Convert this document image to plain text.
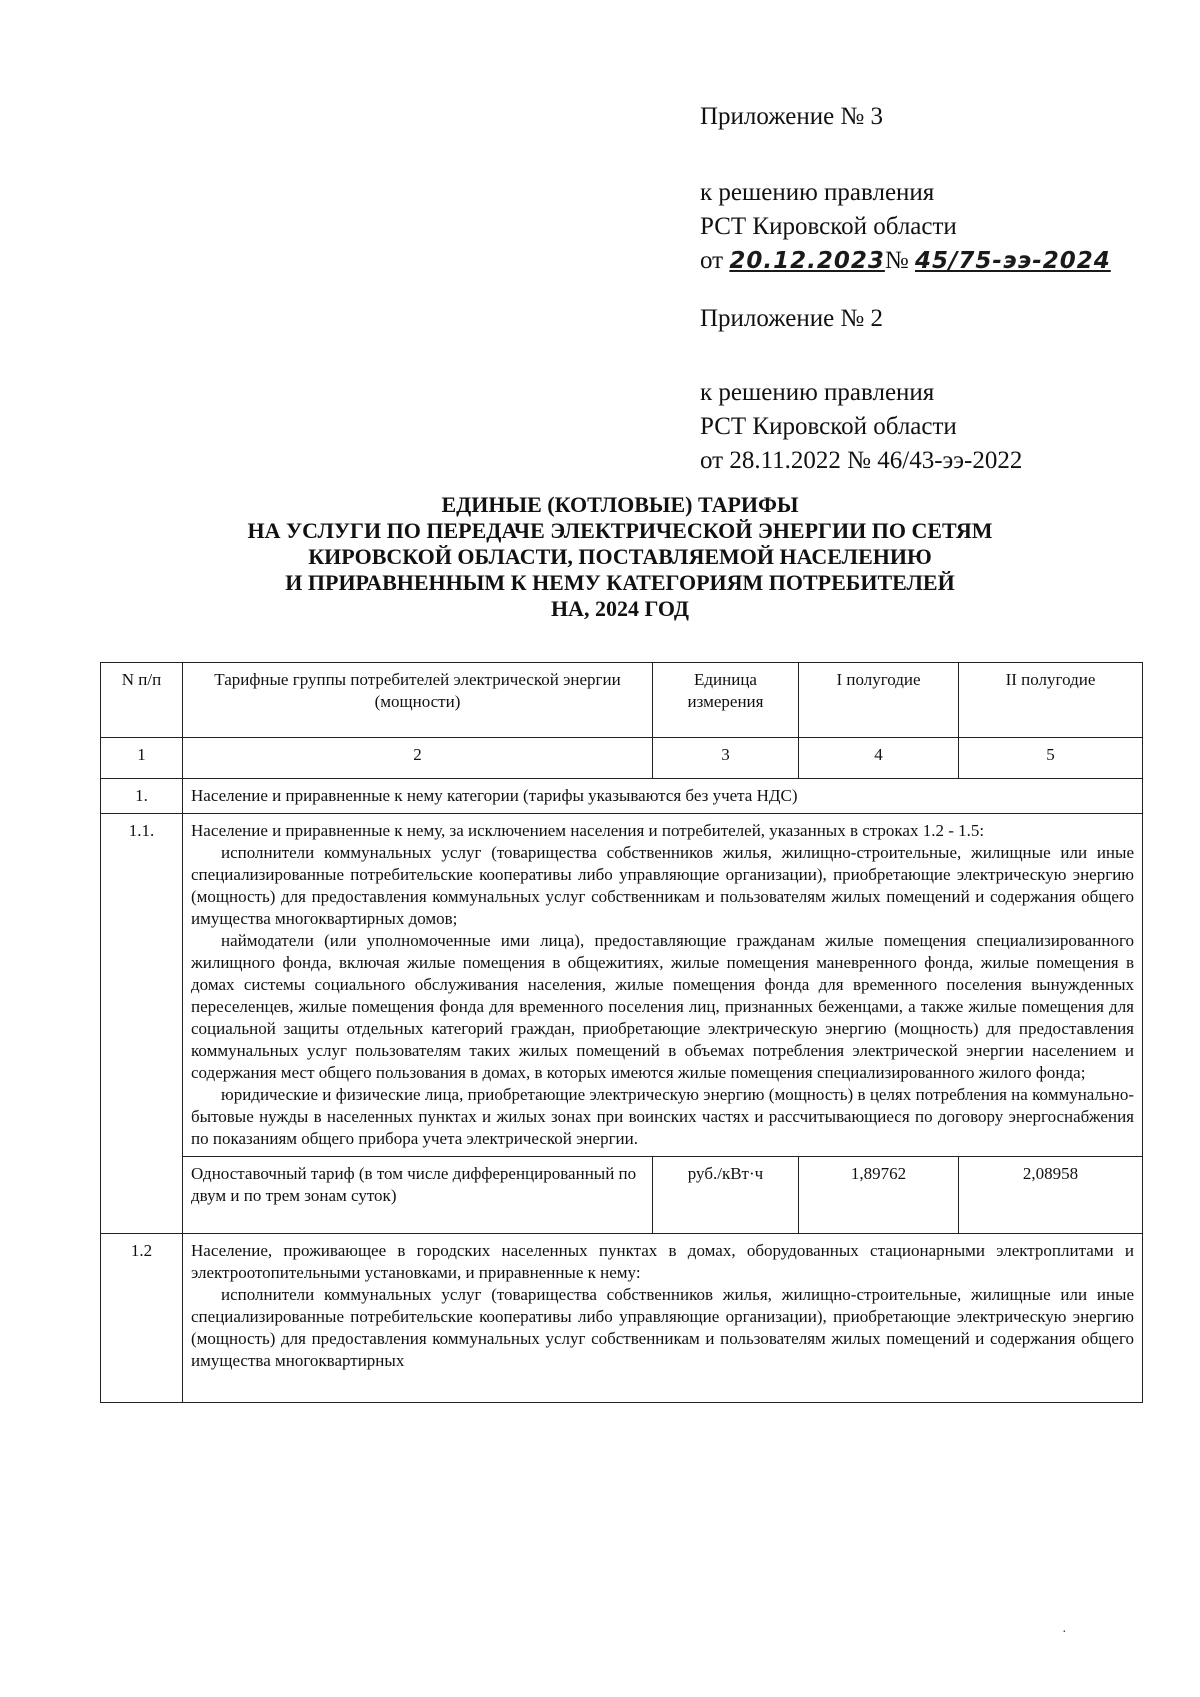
Приложение № 3
к решению правления
РСТ Кировской области
от
20.12.2023 №
45/75-ээ-2024
Приложение № 2
к решению правления
РСТ Кировской области
от 28.11.2022 № 46/43-ээ-2022
ЕДИНЫЕ (КОТЛОВЫЕ) ТАРИФЫ
НА УСЛУГИ ПО ПЕРЕДАЧЕ ЭЛЕКТРИЧЕСКОЙ ЭНЕРГИИ ПО СЕТЯМ
КИРОВСКОЙ ОБЛАСТИ, ПОСТАВЛЯЕМОЙ НАСЕЛЕНИЮ
И ПРИРАВНЕННЫМ К НЕМУ КАТЕГОРИЯМ ПОТРЕБИТЕЛЕЙ
НА, 2024 ГОД
N п/п	Тарифные группы потребителей электрической энергии (мощности)	Единица измерения	I полугодие	II полугодие
1	2	3	4	5
1.	Население и приравненные к нему категории (тарифы указываются без учета НДС)			
1.1.	Население и приравненные к нему, за исключением населения и потребителей, указанных в строках 1.2 - 1.5:
исполнители коммунальных услуг (товарищества собственников жилья, жилищно-строительные, жилищные или иные специализированные потребительские кооперативы либо управляющие организации), приобретающие электрическую энергию (мощность) для предоставления коммунальных услуг собственникам и пользователям жилых помещений и содержания общего имущества многоквартирных домов;
наймодатели (или уполномоченные ими лица), предоставляющие гражданам жилые помещения специализированного жилищного фонда, включая жилые помещения в общежитиях, жилые помещения маневренного фонда, жилые помещения в домах системы социального обслуживания населения, жилые помещения фонда для временного поселения вынужденных переселенцев, жилые помещения фонда для временного поселения лиц, признанных беженцами, а также жилые помещения для социальной защиты отдельных категорий граждан, приобретающие электрическую энергию (мощность) для предоставления коммунальных услуг пользователям таких жилых помещений в объемах потребления электрической энергии населением и содержания мест общего пользования в домах, в которых имеются жилые помещения специализированного жилого фонда;
юридические и физические лица, приобретающие электрическую энергию (мощность) в целях потребления на коммунально-бытовые нужды в населенных пунктах и жилых зонах при воинских частях и рассчитывающиеся по договору энергоснабжения по показаниям общего прибора учета электрической энергии.			

	Одноставочный тариф (в том числе дифференцированный по двум и по трем зонам суток)	руб./кВт·ч	1,89762	2,08958
1.2	Население, проживающее в городских населенных пунктах в домах, оборудованных стационарными электроплитами и электроотопительными установками, и приравненные к нему:
исполнители коммунальных услуг (товарищества собственников жилья, жилищно-строительные, жилищные или иные специализированные потребительские кооперативы либо управляющие организации), приобретающие электрическую энергию (мощность) для предоставления коммунальных услуг собственникам и пользователям жилых помещений и содержания общего имущества многоквартирных			
·
